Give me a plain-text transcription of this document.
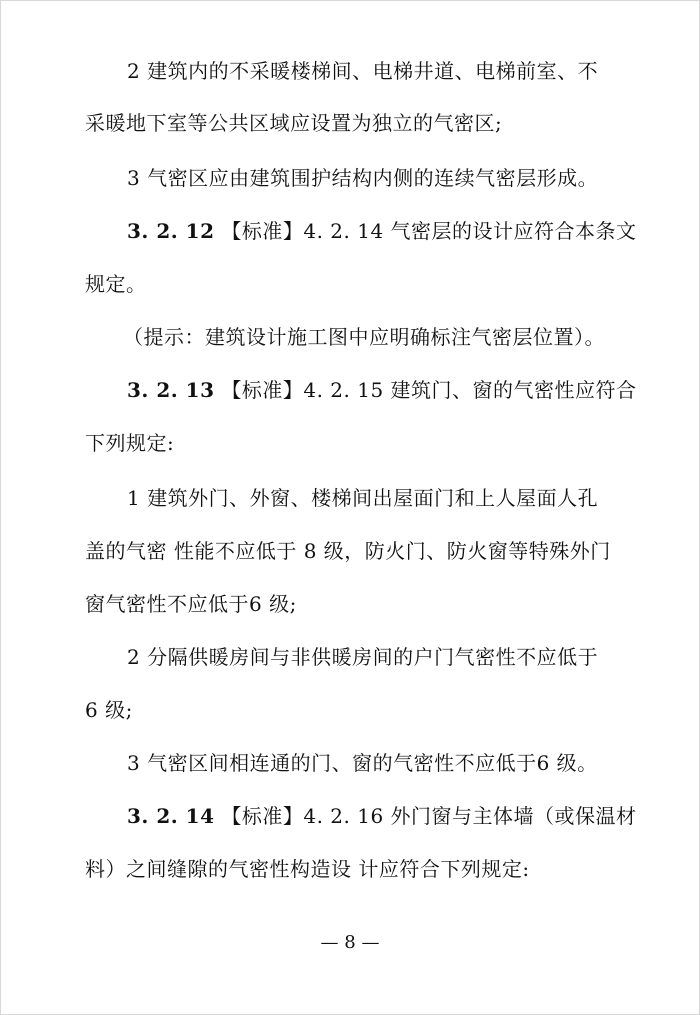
2 建筑内的不采暖楼梯间、电梯井道、电梯前室、不
采暖地下室等公共区域应设置为独立的气密区;
3 气密区应由建筑围护结构内侧的连续气密层形成。
3. 2. 12 【标准】4. 2. 14 气密层的设计应符合本条文
规定。
（提示：建筑设计施工图中应明确标注气密层位置）。
3. 2. 13 【标准】4. 2. 15 建筑门、窗的气密性应符合
下列规定:
1 建筑外门、外窗、楼梯间出屋面门和上人屋面人孔
盖的气密 性能不应低于 8 级，防火门、防火窗等特殊外门
窗气密性不应低于6 级;
2 分隔供暖房间与非供暖房间的户门气密性不应低于
6 级;
3 气密区间相连通的门、窗的气密性不应低于6 级。
3. 2. 14 【标准】4. 2. 16 外门窗与主体墙（或保温材
料）之间缝隙的气密性构造设 计应符合下列规定:
— 8 —
